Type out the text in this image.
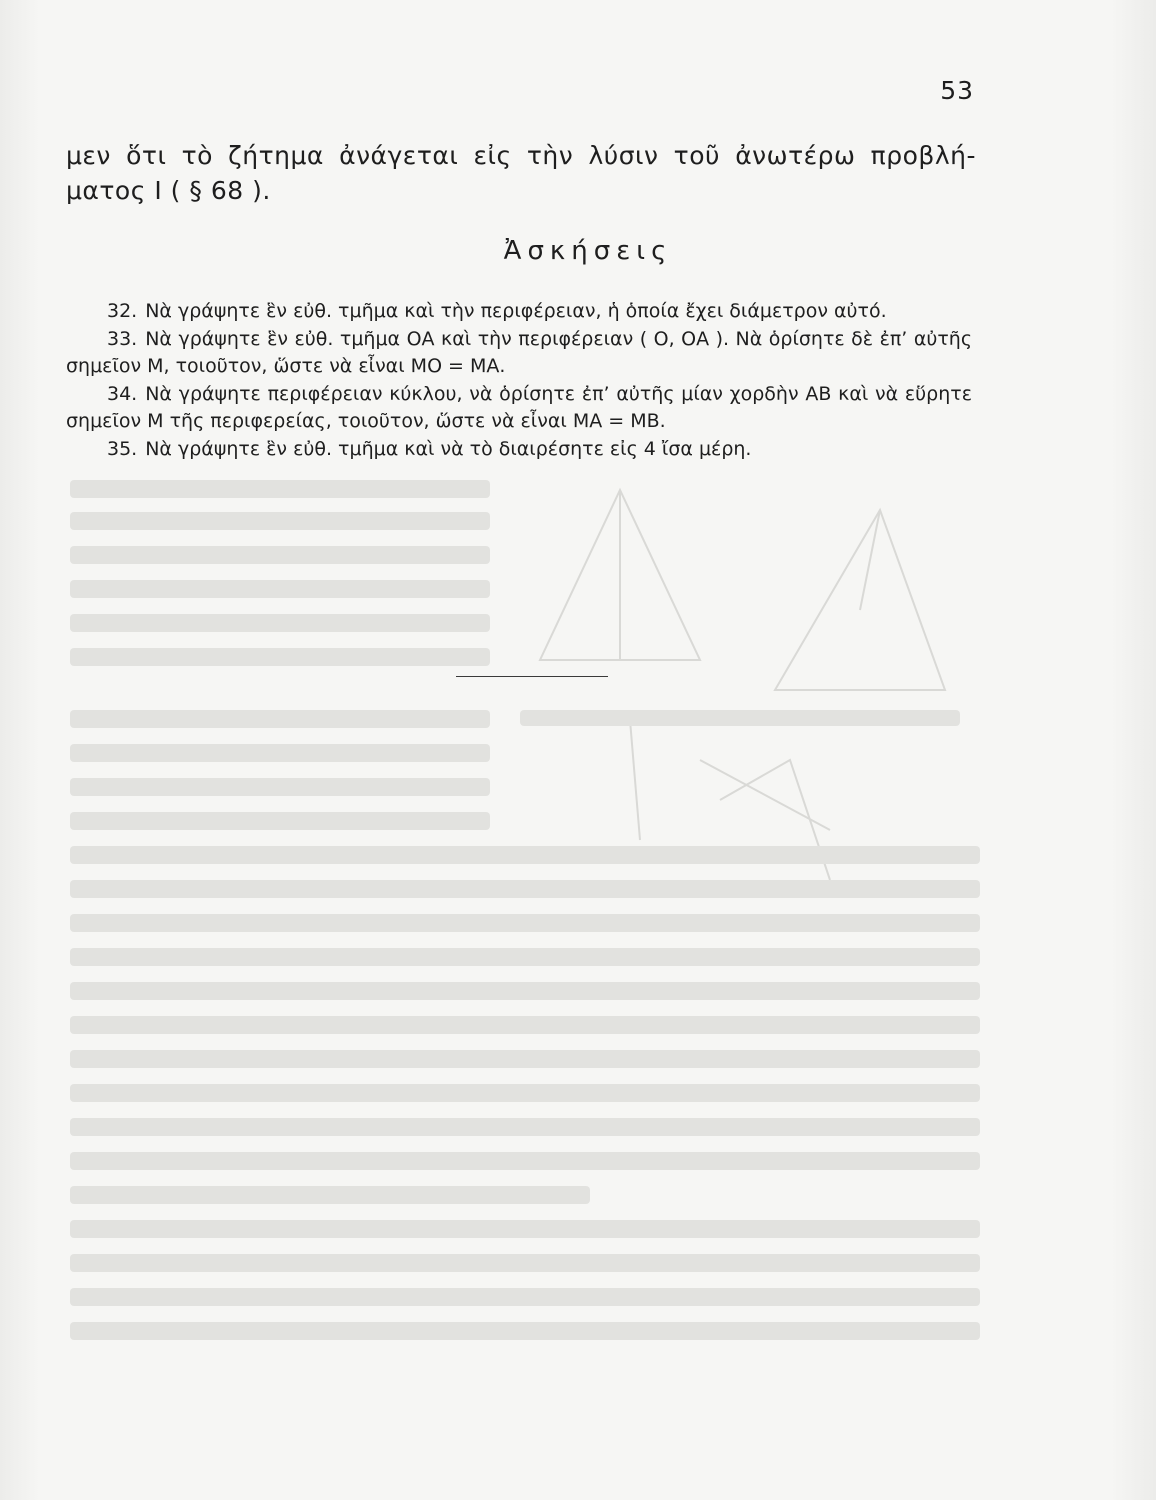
53
μεν ὅτι τὸ ζήτημα ἀνάγεται εἰς τὴν λύσιν τοῦ ἀνωτέρω προβλή-
ματος I ( § 68 ).
Ἀσκήσεις

32. Νὰ γράψητε ἓν εὐθ. τμῆμα καὶ τὴν περιφέρειαν, ἡ ὁποία ἔχει διάμετρον αὐτό.

33. Νὰ γράψητε ἓν εὐθ. τμῆμα ΟΑ καὶ τὴν περιφέρειαν ( Ο, ΟΑ ). Νὰ ὁρίσητε δὲ ἐπ’ αὐτῆς σημεῖον Μ, τοιοῦτον, ὥστε νὰ εἶναι ΜΟ = ΜΑ.

34. Νὰ γράψητε περιφέρειαν κύκλου, νὰ ὁρίσητε ἐπ’ αὐτῆς μίαν χορδὴν ΑΒ καὶ νὰ εὕρητε σημεῖον Μ τῆς περιφερείας, τοιοῦτον, ὥστε νὰ εἶναι ΜΑ = ΜΒ.

35. Νὰ γράψητε ἓν εὐθ. τμῆμα καὶ νὰ τὸ διαιρέσητε εἰς 4 ἴσα μέρη.
